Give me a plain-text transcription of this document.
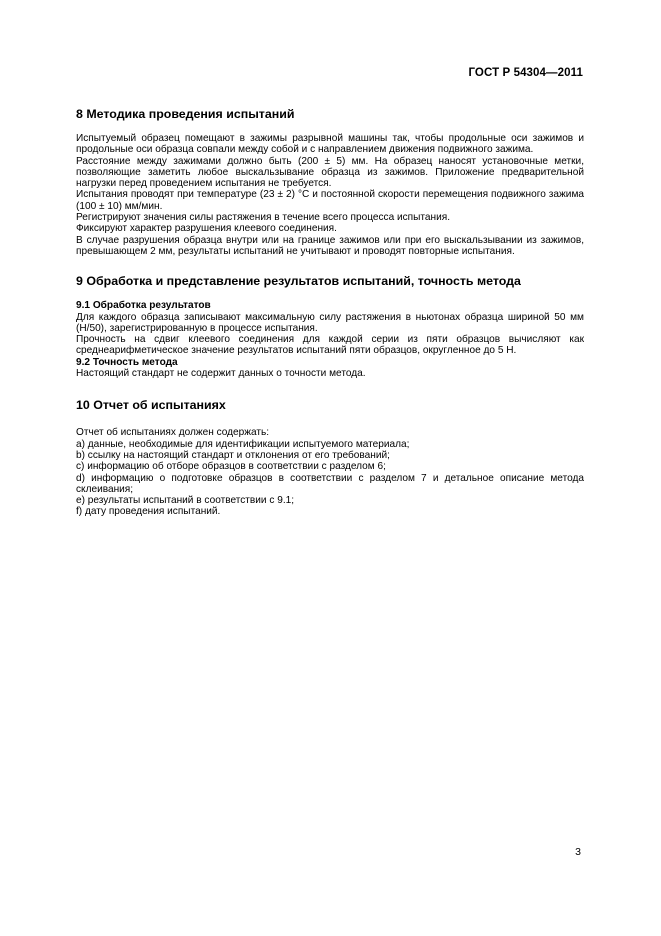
ГОСТ Р 54304—2011
8 Методика проведения испытаний

Испытуемый образец помещают в зажимы разрывной машины так, чтобы продольные оси зажимов и продольные оси образца совпали между собой и с направлением движения подвижного зажима.

Расстояние между зажимами должно быть (200 ± 5) мм. На образец наносят установочные метки, позволяющие заметить любое выскальзывание образца из зажимов. Приложение предварительной нагрузки перед проведением испытания не требуется.

Испытания проводят при температуре (23 ± 2) °С и постоянной скорости перемещения подвижного зажима (100 ± 10) мм/мин.

Регистрируют значения силы растяжения в течение всего процесса испытания.

Фиксируют характер разрушения клеевого соединения.

В случае разрушения образца внутри или на границе зажимов или при его выскальзывании из зажимов, превышающем 2 мм, результаты испытаний не учитывают и проводят повторные испытания.

9 Обработка и представление результатов испытаний, точность метода
9.1 Обработка результатов

Для каждого образца записывают максимальную силу растяжения в ньютонах образца шириной 50 мм (Н/50), зарегистрированную в процессе испытания.

Прочность на сдвиг клеевого соединения для каждой серии из пяти образцов вычисляют как среднеарифметическое значение результатов испытаний пяти образцов, округленное до 5 Н.

9.2 Точность метода

Настоящий стандарт не содержит данных о точности метода.

10 Отчет об испытаниях

Отчет об испытаниях должен содержать:

a) данные, необходимые для идентификации испытуемого материала;

b) ссылку на настоящий стандарт и отклонения от его требований;

c) информацию об отборе образцов в соответствии с разделом 6;

d) информацию о подготовке образцов в соответствии с разделом 7 и детальное описание метода склеивания;

e) результаты испытаний в соответствии с 9.1;

f) дату проведения испытаний.

3
